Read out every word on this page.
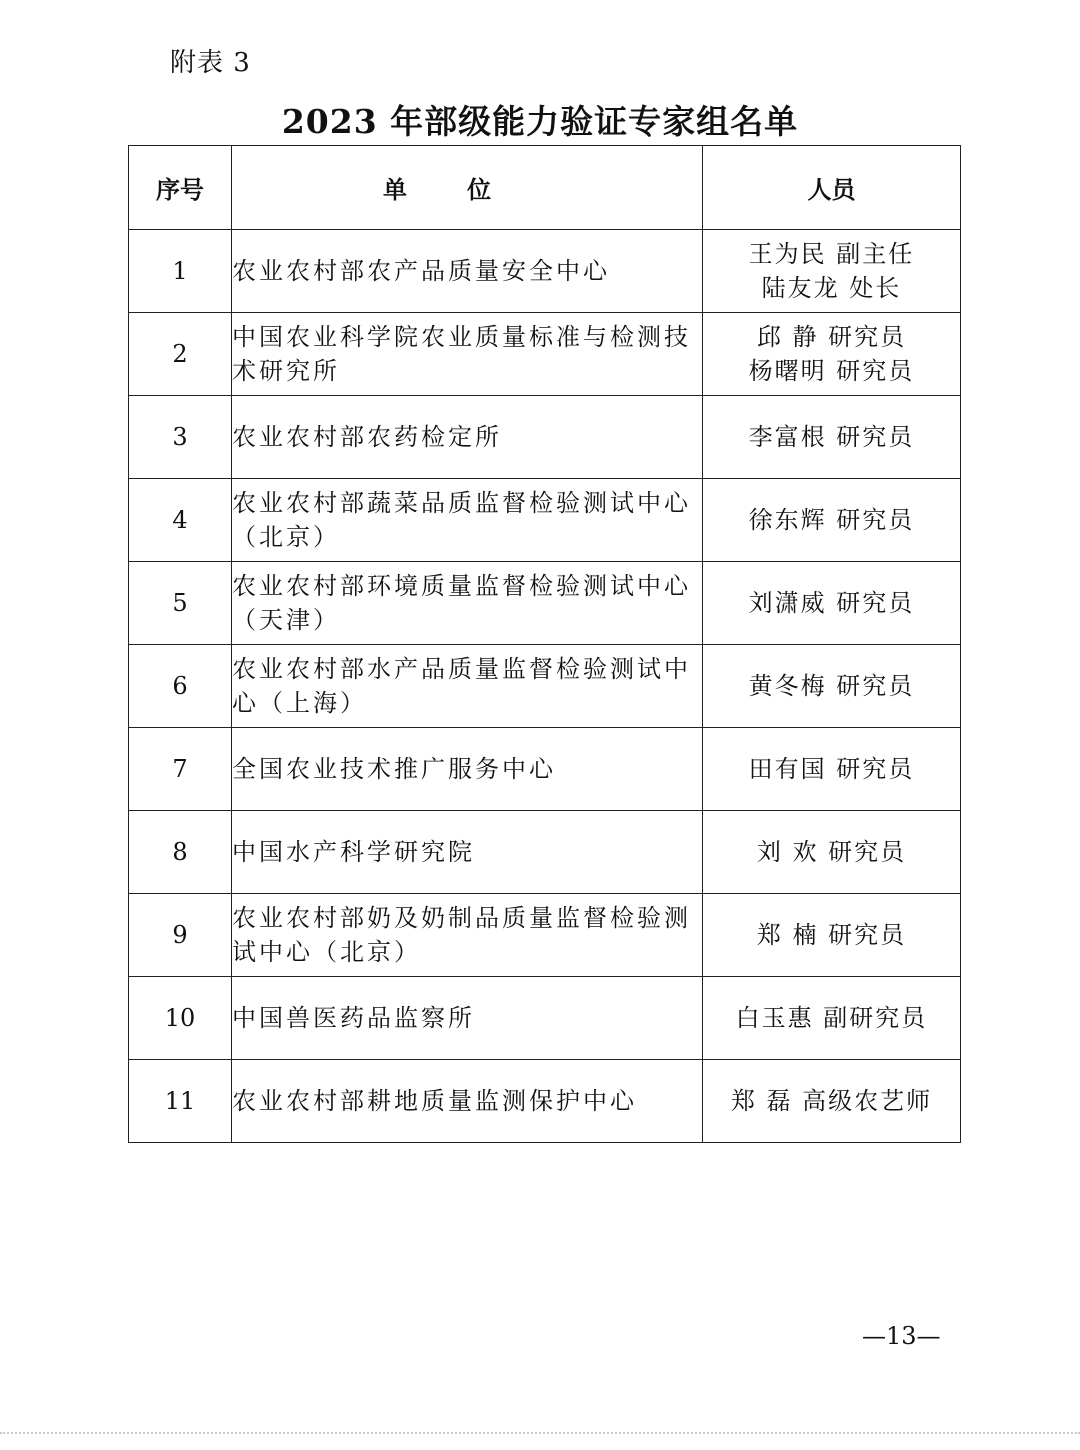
附表 3
2023 年部级能力验证专家组名单
序号	单位	人员
1	农业农村部农产品质量安全中心	王为民 副主任
陆友龙 处长

2	中国农业科学院农业质量标准与检测技术研究所	邱 静 研究员
杨曙明 研究员

3	农业农村部农药检定所	李富根 研究员

4	农业农村部蔬菜品质监督检验测试中心（北京）	徐东辉 研究员

5	农业农村部环境质量监督检验测试中心（天津）	刘潇威 研究员

6	农业农村部水产品质量监督检验测试中心（上海）	黄冬梅 研究员

7	全国农业技术推广服务中心	田有国 研究员

8	中国水产科学研究院	刘 欢 研究员

9	农业农村部奶及奶制品质量监督检验测试中心（北京）	郑 楠 研究员

10	中国兽医药品监察所	白玉惠 副研究员

11	农业农村部耕地质量监测保护中心	郑 磊 高级农艺师
—13—
